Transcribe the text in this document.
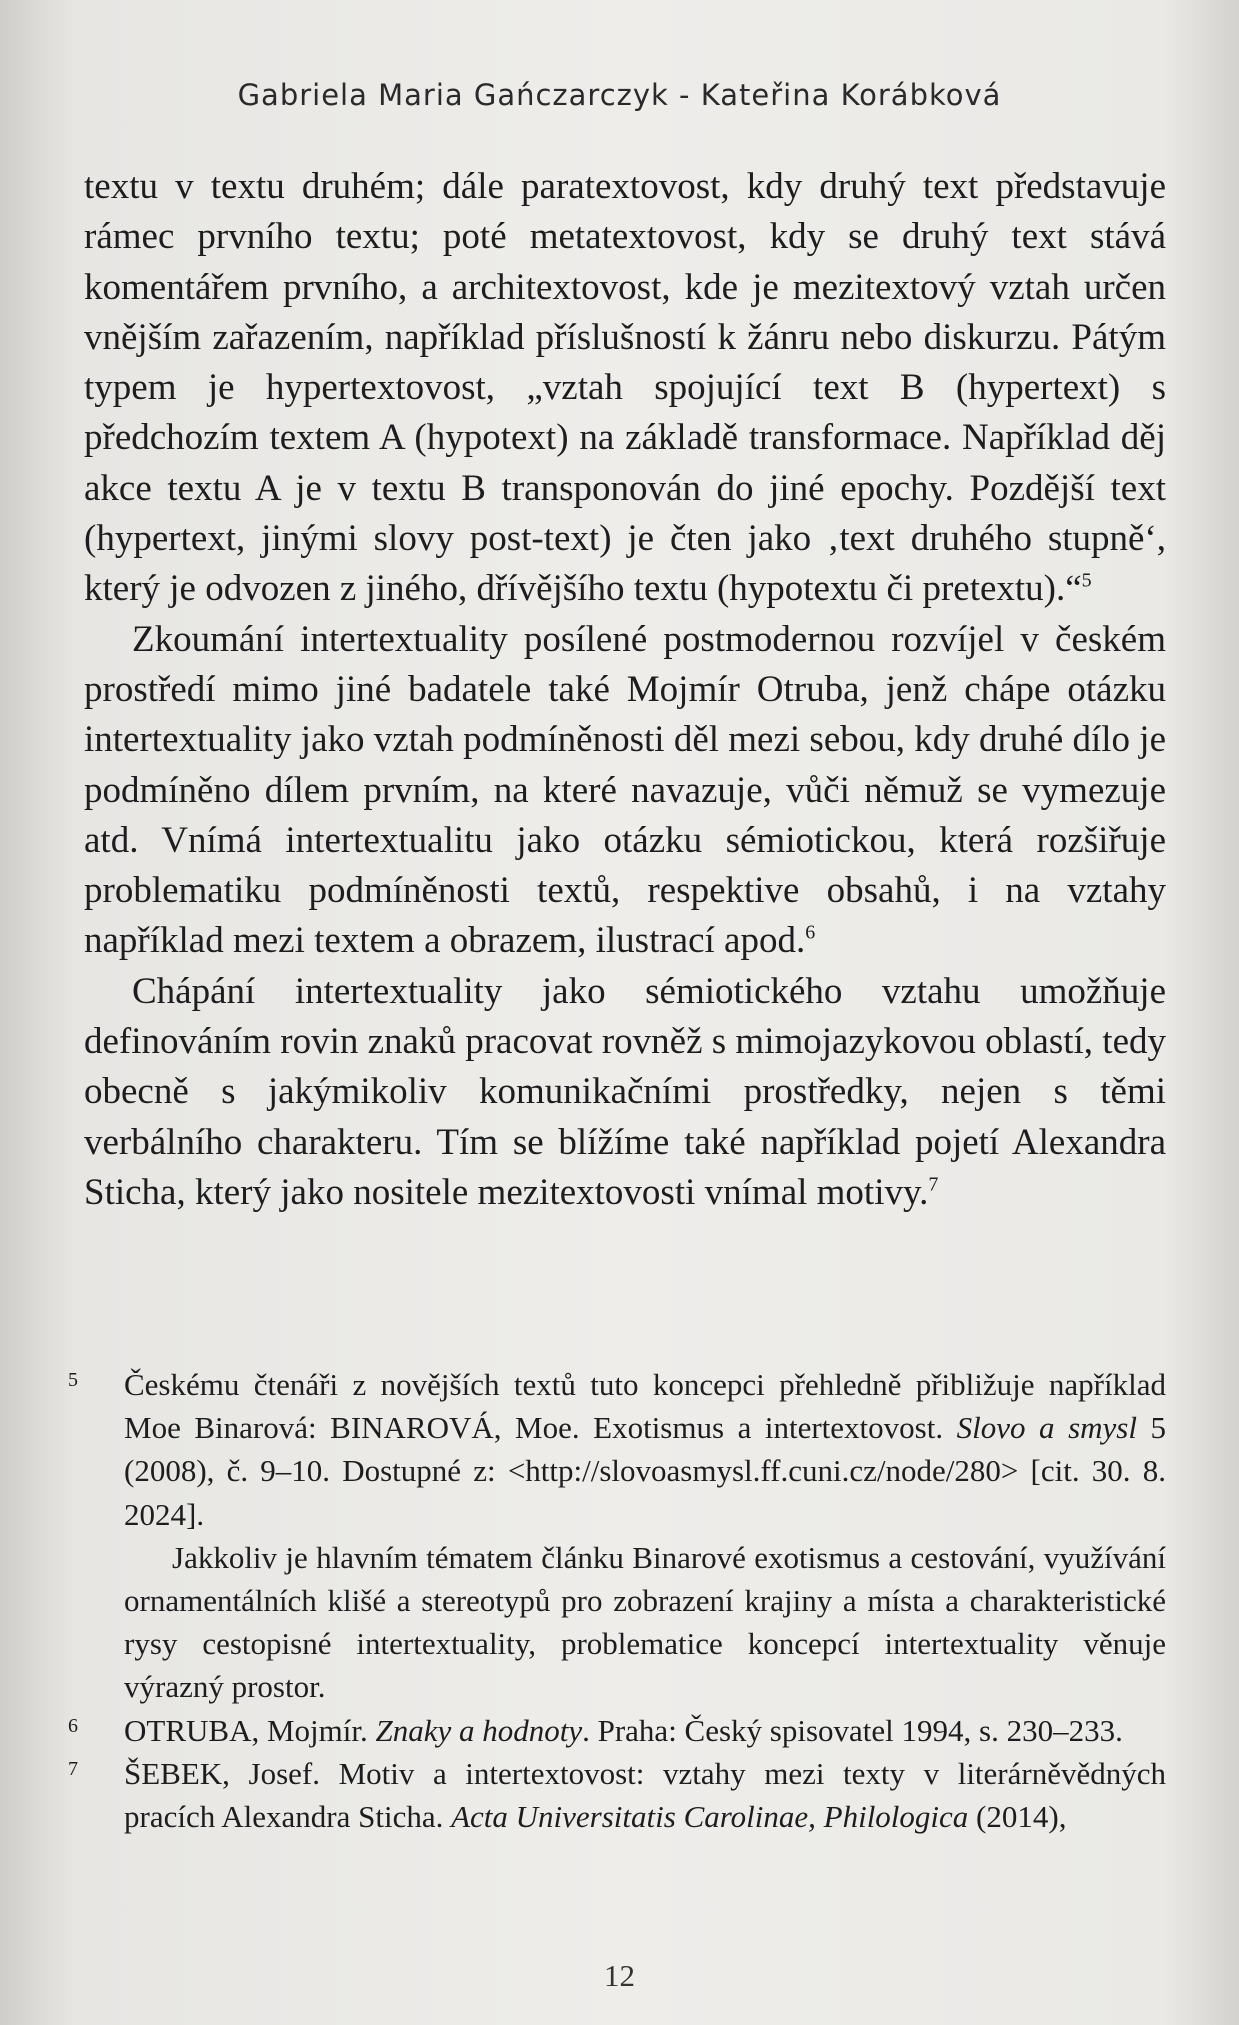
Gabriela Maria Gańczarczyk - Kateřina Korábková

textu v textu druhém; dále paratextovost, kdy druhý text představuje rámec prvního textu; poté metatextovost, kdy se druhý text stává komentářem prvního, a architextovost, kde je mezitextový vztah určen vnějším zařazením, například příslušností k žánru nebo diskurzu. Pátým typem je hypertextovost, „vztah spojující text B (hypertext) s předchozím textem A (hypotext) na základě transformace. Například děj akce textu A je v textu B transponován do jiné epochy. Pozdější text (hypertext, jinými slovy post-text) je čten jako ‚text druhého stupně‘, který je odvozen z jiného, dřívějšího textu (hypotextu či pretextu).“$^5$

Zkoumání intertextuality posílené postmodernou rozvíjel v českém prostředí mimo jiné badatele také Mojmír Otruba, jenž chápe otázku intertextuality jako vztah podmíněnosti děl mezi sebou, kdy druhé dílo je podmíněno dílem prvním, na které navazuje, vůči němuž se vymezuje atd. Vnímá intertextualitu jako otázku sémiotickou, která rozšiřuje problematiku podmíněnosti textů, respektive obsahů, i na vztahy například mezi textem a obrazem, ilustrací apod.$^6$

Chápání intertextuality jako sémiotického vztahu umožňuje definováním rovin znaků pracovat rovněž s mimojazykovou oblastí, tedy obecně s jakýmikoliv komunikačními prostředky, nejen s těmi verbálního charakteru. Tím se blížíme také například pojetí Alexandra Sticha, který jako nositele mezitextovosti vnímal motivy.$^7$

5 Českému čtenáři z novějších textů tuto koncepci přehledně přibližuje například Moe Binarová: BINAROVÁ, Moe. Exotismus a intertextovost. Slovo a smysl 5 (2008), č. 9–10. Dostupné z: <http://slovoasmysl.ff.cuni.cz/node/280> [cit. 30. 8. 2024].

Jakkoliv je hlavním tématem článku Binarové exotismus a cestování, využívání ornamentálních klišé a stereotypů pro zobrazení krajiny a místa a charakteristické rysy cestopisné intertextuality, problematice koncepcí intertextuality věnuje výrazný prostor.

6 OTRUBA, Mojmír. Znaky a hodnoty. Praha: Český spisovatel 1994, s. 230–233.

7 ŠEBEK, Josef. Motiv a intertextovost: vztahy mezi texty v literárněvědných pracích Alexandra Sticha. Acta Universitatis Carolinae, Philologica (2014),

12
